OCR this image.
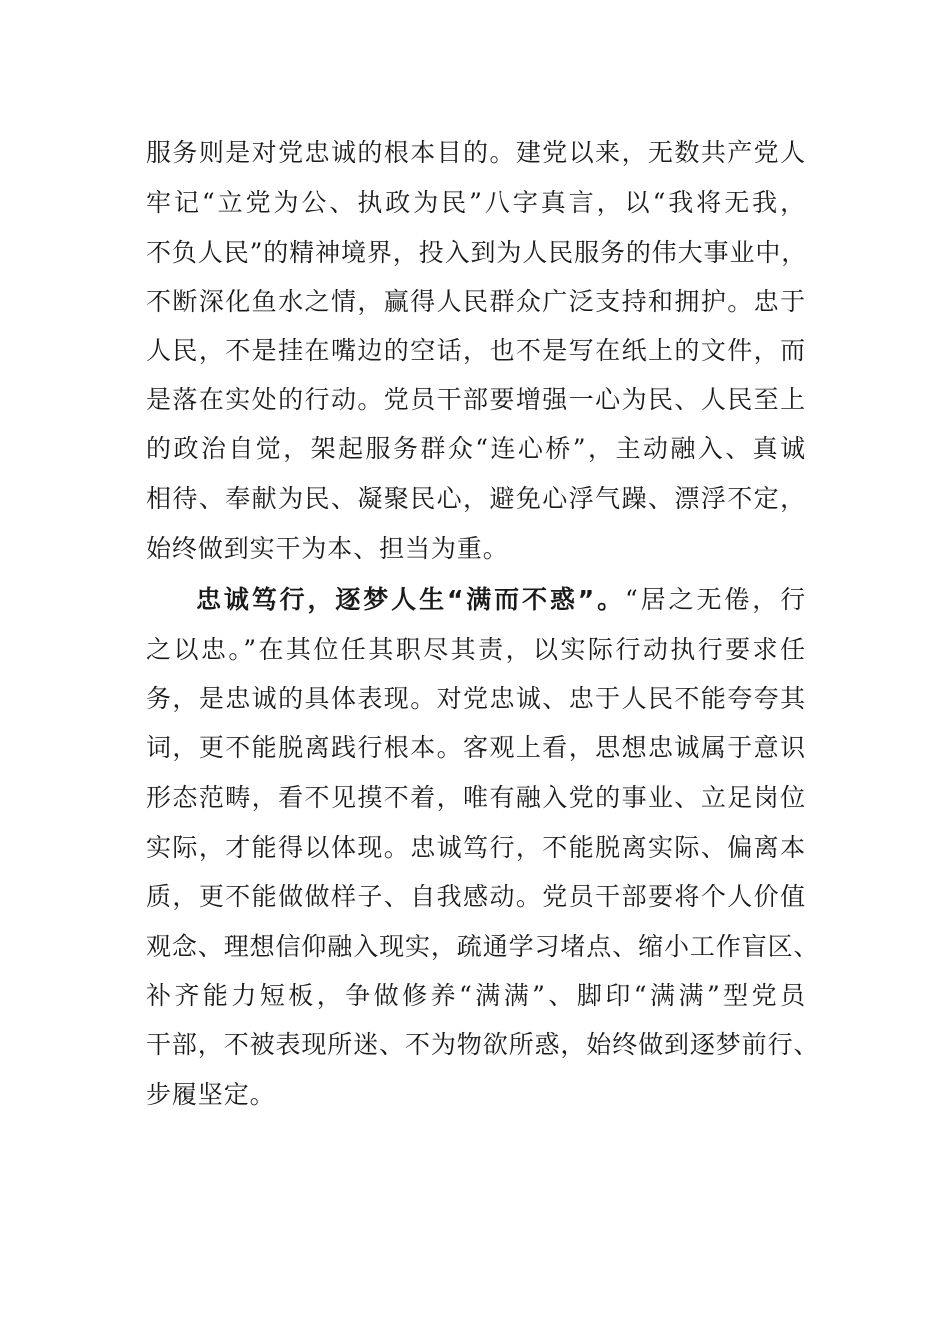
服务则是对党忠诚的根本目的。建党以来，无数共产党人
牢记“立党为公、执政为民”八字真言，以“我将无我，
不负人民”的精神境界，投入到为人民服务的伟大事业中，
不断深化鱼水之情，赢得人民群众广泛支持和拥护。忠于
人民，不是挂在嘴边的空话，也不是写在纸上的文件，而
是落在实处的行动。党员干部要增强一心为民、人民至上
的政治自觉，架起服务群众“连心桥”，主动融入、真诚
相待、奉献为民、凝聚民心，避免心浮气躁、漂浮不定，
始终做到实干为本、担当为重。
忠诚笃行，逐梦人生“满而不惑”。“居之无倦，行
之以忠。”在其位任其职尽其责，以实际行动执行要求任
务，是忠诚的具体表现。对党忠诚、忠于人民不能夸夸其
词，更不能脱离践行根本。客观上看，思想忠诚属于意识
形态范畴，看不见摸不着，唯有融入党的事业、立足岗位
实际，才能得以体现。忠诚笃行，不能脱离实际、偏离本
质，更不能做做样子、自我感动。党员干部要将个人价值
观念、理想信仰融入现实，疏通学习堵点、缩小工作盲区、
补齐能力短板，争做修养“满满”、脚印“满满”型党员
干部，不被表现所迷、不为物欲所惑，始终做到逐梦前行、
步履坚定。
